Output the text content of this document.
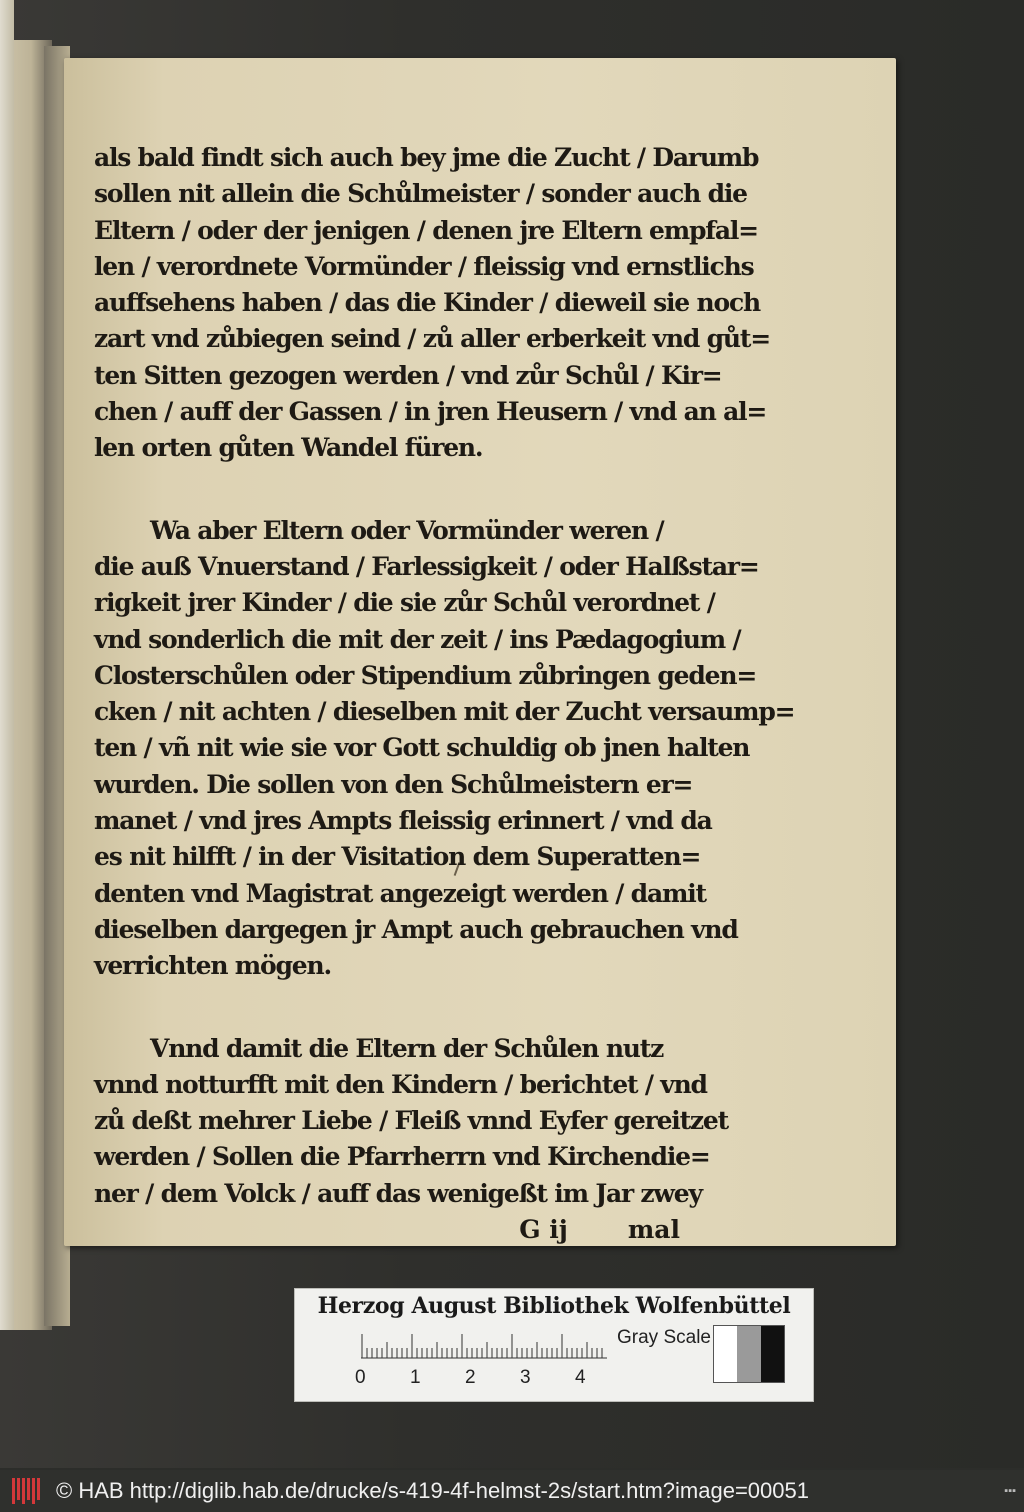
als bald findt sich auch bey jme die Zucht / Darumb
sollen nit allein die Schůlmeister / sonder auch die
Eltern / oder der jenigen / denen jre Eltern empfal=
len / verordnete Vormünder / fleissig vnd ernstlichs
auffsehens haben / das die Kinder / dieweil sie noch
zart vnd zůbiegen seind / zů aller erberkeit vnd gůt=
ten Sitten gezogen werden / vnd zůr Schůl / Kir=
chen / auff der Gassen / in jren Heusern / vnd an al=
len orten gůten Wandel füren.
Wa aber Eltern oder Vormünder weren /
die auß Vnuerstand / Farlessigkeit / oder Halßstar=
rigkeit jrer Kinder / die sie zůr Schůl verordnet /
vnd sonderlich die mit der zeit / ins Pædagogium /
Closterschůlen oder Stipendium zůbringen geden=
cken / nit achten / dieselben mit der Zucht versaump=
ten / vñ nit wie sie vor Gott schuldig ob jnen halten
wurden. Die sollen von den Schůlmeistern er=
manet / vnd jres Ampts fleissig erinnert / vnd da
es nit hilfft / in der Visitation dem Superatten=
denten vnd Magistrat angezeigt werden / damit
dieselben dargegen jr Ampt auch gebrauchen vnd
verrichten mögen.
Vnnd damit die Eltern der Schůlen nutz
vnnd notturfft mit den Kindern / berichtet / vnd
zů deßt mehrer Liebe / Fleiß vnnd Eyfer gereitzet
werden / Sollen die Pfarrherrn vnd Kirchendie=
ner / dem Volck / auff das wenigeßt im Jar zwey
G ij mal
Herzog August Bibliothek Wolfenbüttel
0 1 2 3 4
Gray Scale
© HAB http://diglib.hab.de/drucke/s-419-4f-helmst-2s/start.htm?image=00051	▪▪▪
